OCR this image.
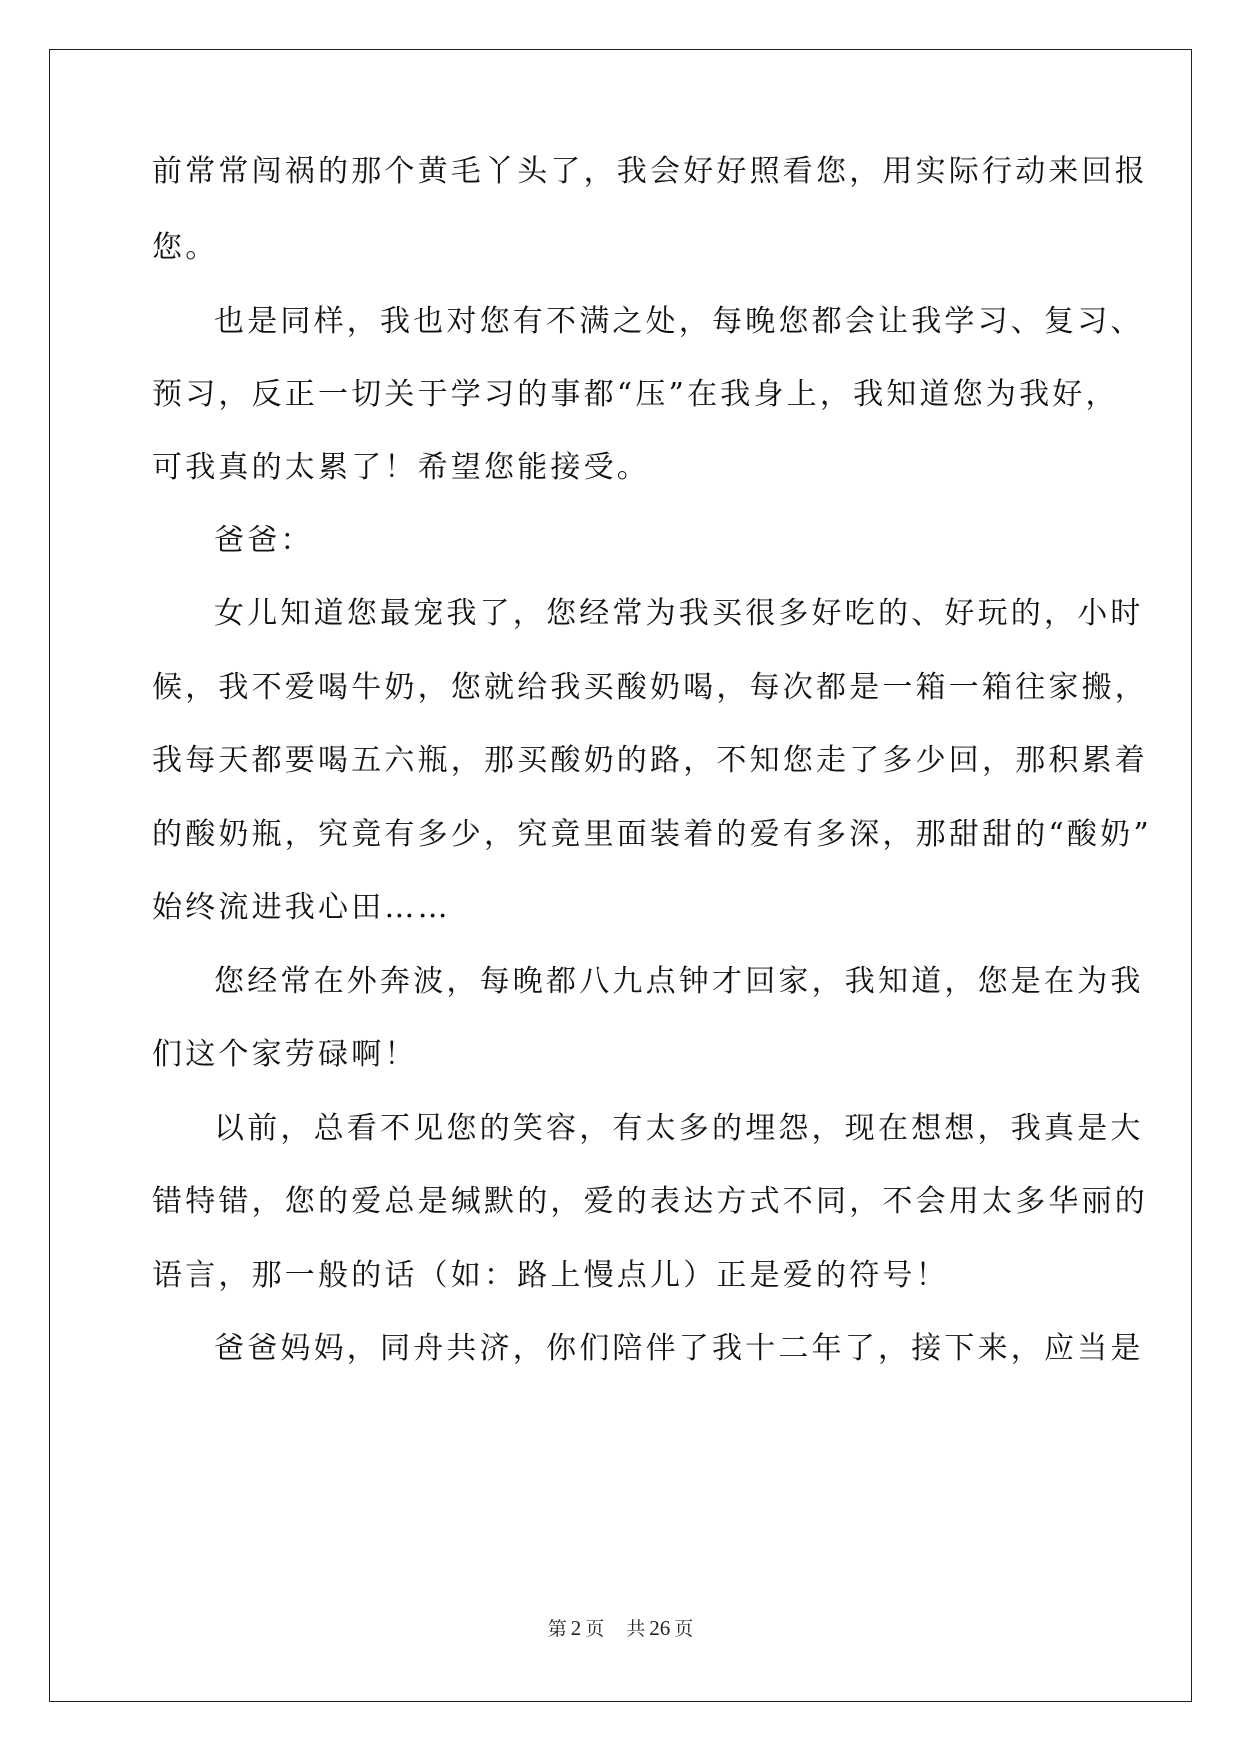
前常常闯祸的那个黄毛丫头了，我会好好照看您，用实际行动来回报
您。
也是同样，我也对您有不满之处，每晚您都会让我学习、复习、
预习，反正一切关于学习的事都“压”在我身上，我知道您为我好，
可我真的太累了！希望您能接受。
爸爸：
女儿知道您最宠我了，您经常为我买很多好吃的、好玩的，小时
候，我不爱喝牛奶，您就给我买酸奶喝，每次都是一箱一箱往家搬，
我每天都要喝五六瓶，那买酸奶的路，不知您走了多少回，那积累着
的酸奶瓶，究竟有多少，究竟里面装着的爱有多深，那甜甜的“酸奶”
始终流进我心田……
您经常在外奔波，每晚都八九点钟才回家，我知道，您是在为我
们这个家劳碌啊！
以前，总看不见您的笑容，有太多的埋怨，现在想想，我真是大
错特错，您的爱总是缄默的，爱的表达方式不同，不会用太多华丽的
语言，那一般的话（如：路上慢点儿）正是爱的符号！
爸爸妈妈，同舟共济，你们陪伴了我十二年了，接下来，应当是
第 2 页 共 26 页
